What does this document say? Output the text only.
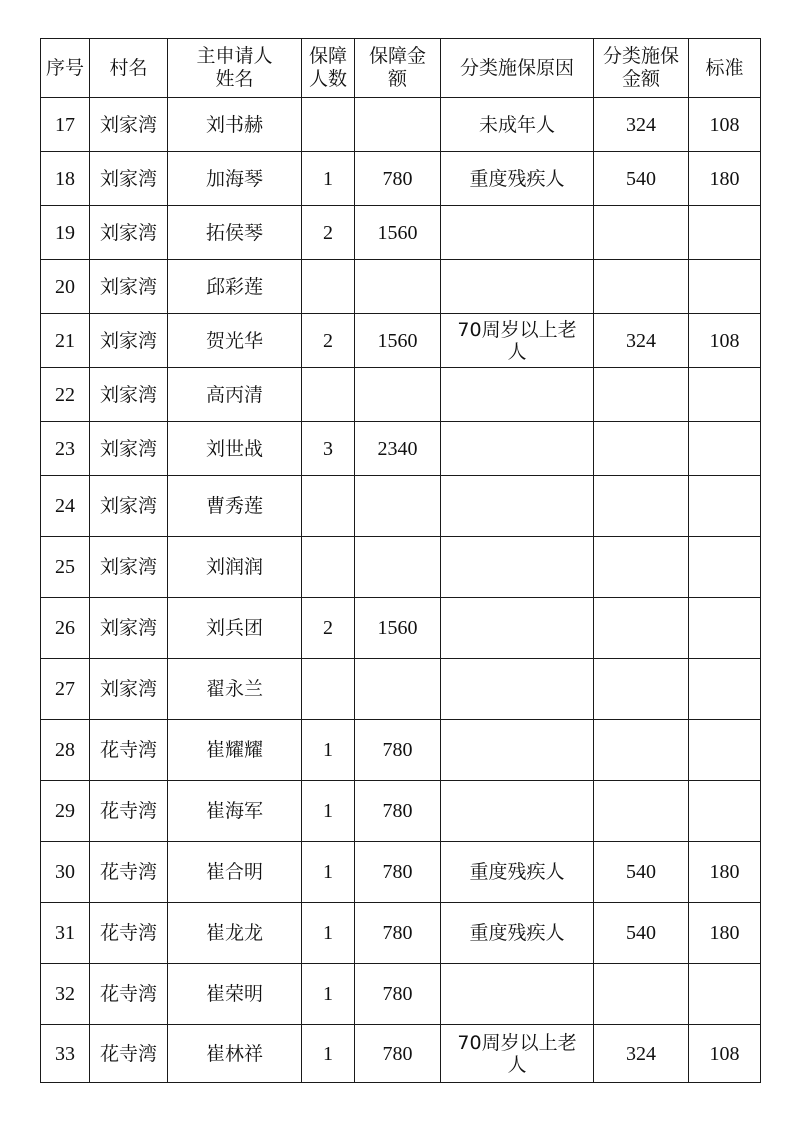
序号	村名	主申请人姓名	保障人数	保障金额	分类施保原因	分类施保金额	标准
17	刘家湾	刘书赫			未成年人	324	108
18	刘家湾	加海琴	1	780	重度残疾人	540	180
19	刘家湾	拓侯琴	2	1560			
20	刘家湾	邱彩莲					
21	刘家湾	贺光华	2	1560	70周岁以上老人	324	108
22	刘家湾	高丙清					
23	刘家湾	刘世战	3	2340			
24	刘家湾	曹秀莲					
25	刘家湾	刘润润					
26	刘家湾	刘兵团	2	1560			
27	刘家湾	翟永兰					
28	花寺湾	崔耀耀	1	780			
29	花寺湾	崔海军	1	780			
30	花寺湾	崔合明	1	780	重度残疾人	540	180
31	花寺湾	崔龙龙	1	780	重度残疾人	540	180
32	花寺湾	崔荣明	1	780			
33	花寺湾	崔林祥	1	780	70周岁以上老人	324	108
